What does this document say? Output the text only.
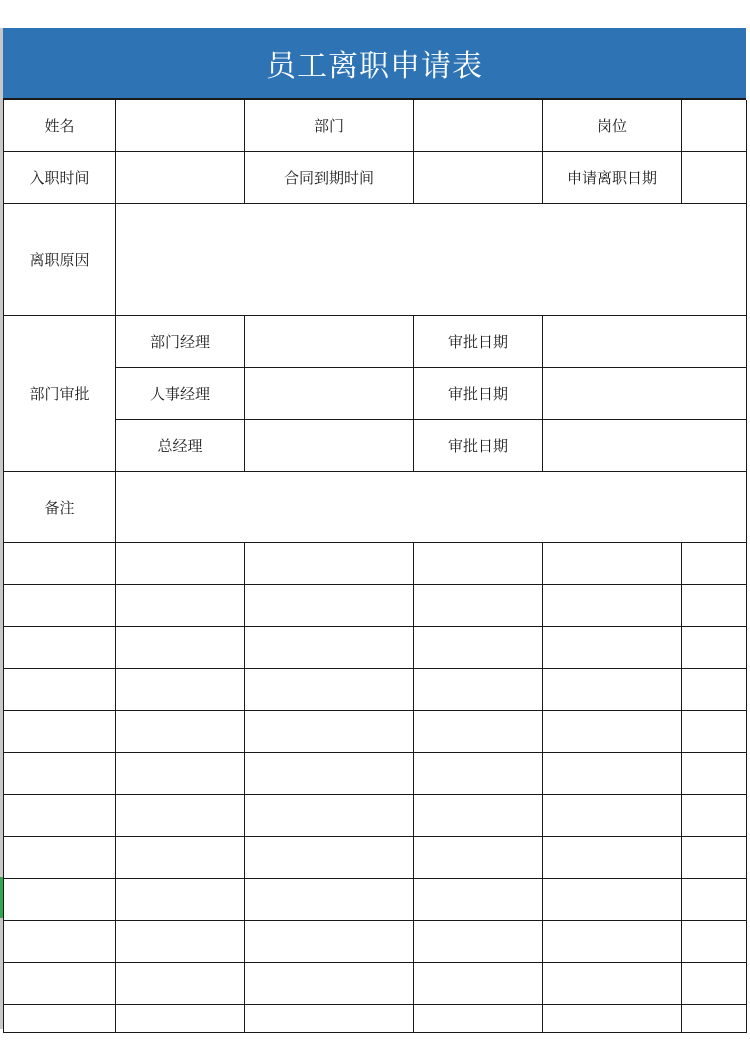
员工离职申请表
姓名		部门		岗位	
入职时间		合同到期时间		申请离职日期	
离职原因					
部门审批	部门经理		审批日期		
	人事经理		审批日期		
	总经理		审批日期		
备注					
